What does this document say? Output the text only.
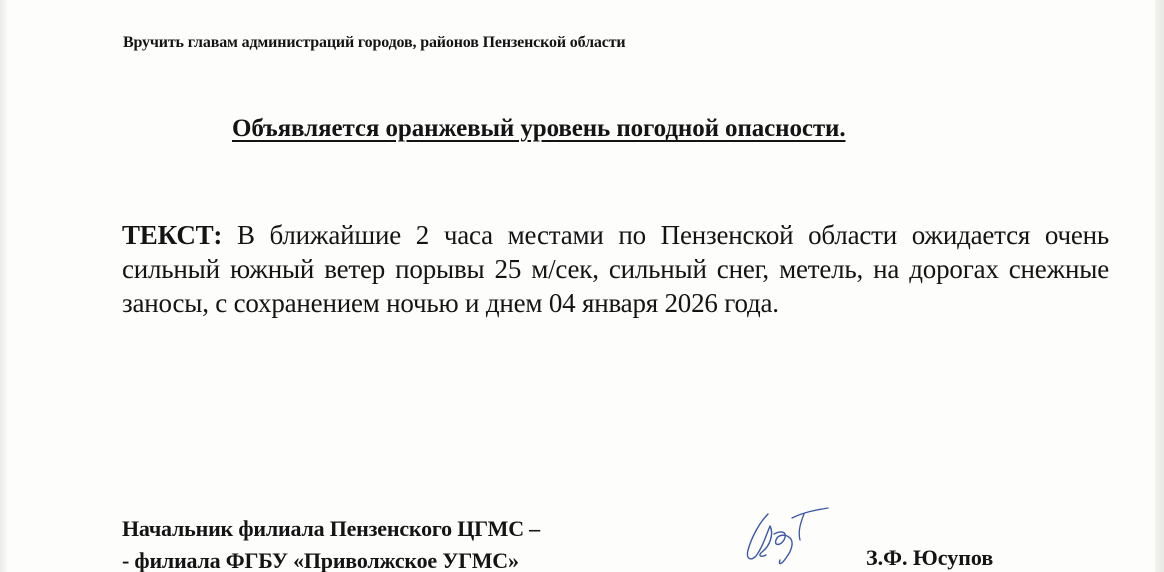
Вручить главам администраций городов, районов Пензенской области
Объявляется оранжевый уровень погодной опасности.
ТЕКСТ: В ближайшие 2 часа местами по Пензенской области ожидается очень сильный южный ветер порывы 25 м/сек, сильный снег, метель, на дорогах снежные заносы, с сохранением ночью и днем 04 января 2026 года.
Начальник филиала Пензенского ЦГМС –
- филиала ФГБУ «Приволжское УГМС»	З.Ф. Юсупов
